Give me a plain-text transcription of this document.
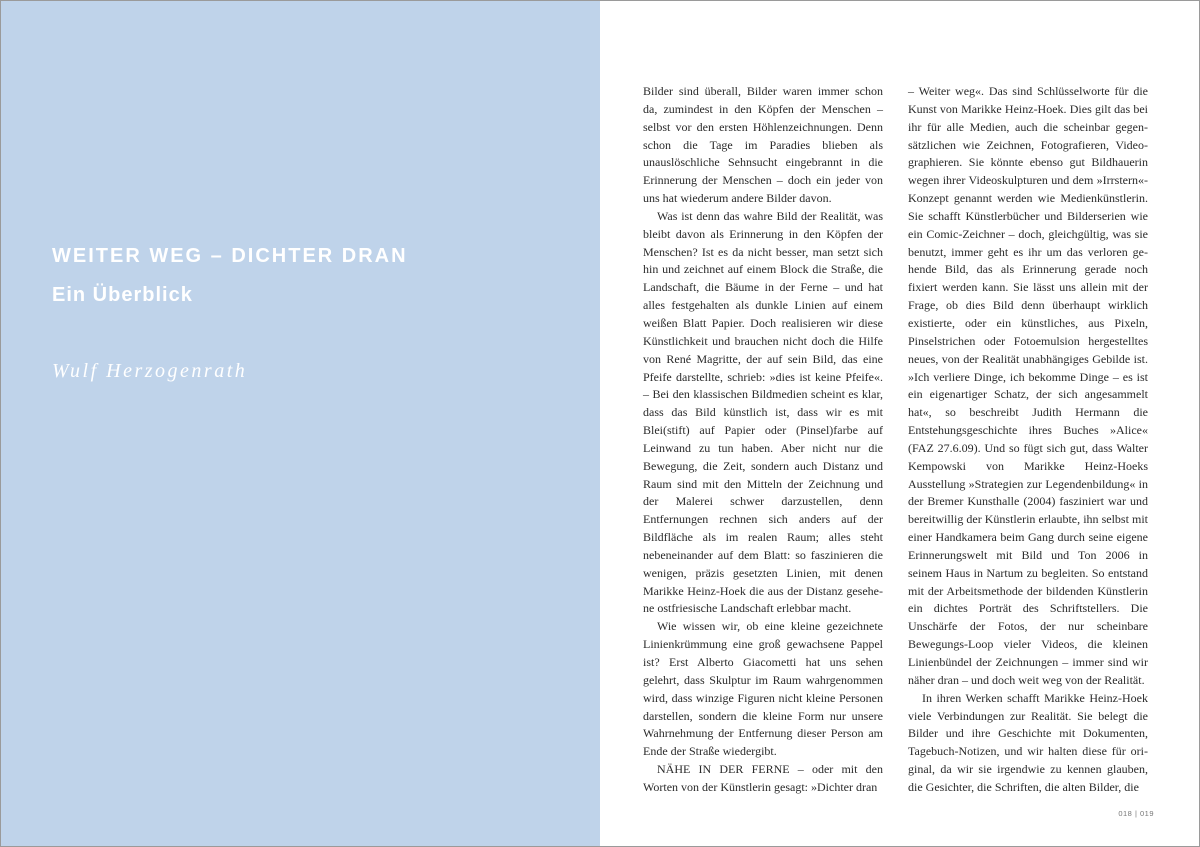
WEITER WEG – DICHTER DRAN
Ein Überblick
Wulf Herzogenrath

Bilder sind überall, Bilder waren immer schon da, zumindest in den Köpfen der Menschen – selbst vor den ersten Höhlenzeichnungen. Denn schon die Tage im Paradies blieben als unauslöschliche Sehnsucht eingebrannt in die Erinnerung der Menschen – doch ein jeder von uns hat wiederum andere Bilder davon.

Was ist denn das wahre Bild der Realität, was bleibt davon als Erinnerung in den Köpfen der Menschen? Ist es da nicht besser, man setzt sich hin und zeichnet auf einem Block die Straße, die Landschaft, die Bäume in der Ferne – und hat alles festgehalten als dunkle Linien auf einem weißen Blatt Papier. Doch realisieren wir diese Künstlichkeit und brauchen nicht doch die Hilfe von René Magritte, der auf sein Bild, das eine Pfeife darstellte, schrieb: »dies ist keine Pfeife«. – Bei den klassischen Bildmedien scheint es klar, dass das Bild künstlich ist, dass wir es mit Blei(stift) auf Papier oder (Pinsel)farbe auf Leinwand zu tun haben. Aber nicht nur die Bewegung, die Zeit, sondern auch Distanz und Raum sind mit den Mitteln der Zeichnung und der Malerei schwer darzustellen, denn Entfernungen rechnen sich anders auf der Bildfläche als im realen Raum; alles steht nebeneinander auf dem Blatt: so faszinieren die wenigen, präzis gesetzten Linien, mit denen Marikke Heinz-Hoek die aus der Distanz gesehene ostfriesische Landschaft erlebbar macht.

Wie wissen wir, ob eine kleine gezeichnete Linienkrümmung eine groß gewachsene Pappel ist? Erst Alberto Giacometti hat uns sehen gelehrt, dass Skulptur im Raum wahrgenommen wird, dass winzige Figuren nicht kleine Personen darstellen, sondern die kleine Form nur unsere Wahrnehmung der Entfernung dieser Person am Ende der Straße wiedergibt.

NÄHE IN DER FERNE – oder mit den Worten von der Künstlerin gesagt: »Dichter dran

– Weiter weg«. Das sind Schlüsselworte für die Kunst von Marikke Heinz-Hoek. Dies gilt das bei ihr für alle Medien, auch die scheinbar gegensätzlichen wie Zeichnen, Fotografieren, Videographieren. Sie könnte ebenso gut Bildhauerin wegen ihrer Videoskulpturen und dem »Irrstern«-Konzept genannt werden wie Medienkünstlerin. Sie schafft Künstlerbücher und Bilderserien wie ein Comic-Zeichner – doch, gleichgültig, was sie benutzt, immer geht es ihr um das verloren gehende Bild, das als Erinnerung gerade noch fixiert werden kann. Sie lässt uns allein mit der Frage, ob dies Bild denn überhaupt wirklich existierte, oder ein künstliches, aus Pixeln, Pinselstrichen oder Fotoemulsion hergestelltes neues, von der Realität unabhängiges Gebilde ist. »Ich verliere Dinge, ich bekomme Dinge – es ist ein eigenartiger Schatz, der sich angesammelt hat«, so beschreibt Judith Hermann die Entstehungsgeschichte ihres Buches »Alice« (FAZ 27.6.09). Und so fügt sich gut, dass Walter Kempowski von Marikke Heinz-Hoeks Ausstellung »Strategien zur Legendenbildung« in der Bremer Kunsthalle (2004) fasziniert war und bereitwillig der Künstlerin erlaubte, ihn selbst mit einer Handkamera beim Gang durch seine eigene Erinnerungswelt mit Bild und Ton 2006 in seinem Haus in Nartum zu begleiten. So entstand mit der Arbeitsmethode der bildenden Künstlerin ein dichtes Porträt des Schriftstellers. Die Unschärfe der Fotos, der nur scheinbare Bewegungs-Loop vieler Videos, die kleinen Linienbündel der Zeichnungen – immer sind wir näher dran – und doch weit weg von der Realität.

In ihren Werken schafft Marikke Heinz-Hoek viele Verbindungen zur Realität. Sie belegt die Bilder und ihre Geschichte mit Dokumenten, Tagebuch-Notizen, und wir halten diese für original, da wir sie irgendwie zu kennen glauben, die Gesichter, die Schriften, die alten Bilder, die

018 | 019
